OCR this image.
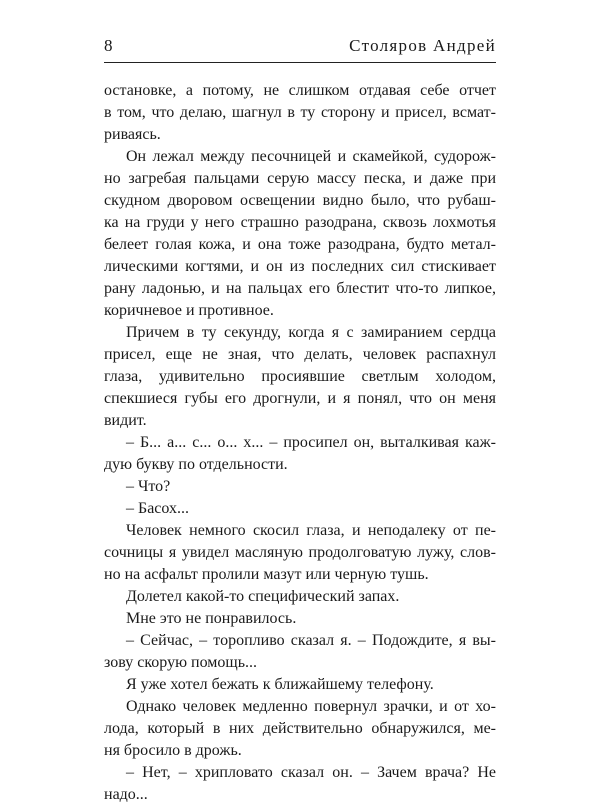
8	Столяров Андрей
остановке, а потому, не слишком отдавая себе отчет
в том, что делаю, шагнул в ту сторону и присел, всмат-
риваясь.
Он лежал между песочницей и скамейкой, судорож-
но загребая пальцами серую массу песка, и даже при
скудном дворовом освещении видно было, что рубаш-
ка на груди у него страшно разодрана, сквозь лохмотья
белеет голая кожа, и она тоже разодрана, будто метал-
лическими когтями, и он из последних сил стискивает
рану ладонью, и на пальцах его блестит что-то липкое,
коричневое и противное.
Причем в ту секунду, когда я с замиранием сердца
присел, еще не зная, что делать, человек распахнул
глаза, удивительно просиявшие светлым холодом,
спекшиеся губы его дрогнули, и я понял, что он меня
видит.
– Б... а... с... о... х... – просипел он, выталкивая каж-
дую букву по отдельности.
– Что?
– Басох...
Человек немного скосил глаза, и неподалеку от пе-
сочницы я увидел масляную продолговатую лужу, слов-
но на асфальт пролили мазут или черную тушь.
Долетел какой-то специфический запах.
Мне это не понравилось.
– Сейчас, – торопливо сказал я. – Подождите, я вы-
зову скорую помощь...
Я уже хотел бежать к ближайшему телефону.
Однако человек медленно повернул зрачки, и от хо-
лода, который в них действительно обнаружился, ме-
ня бросило в дрожь.
– Нет, – хрипловато сказал он. – Зачем врача? Не
надо...
